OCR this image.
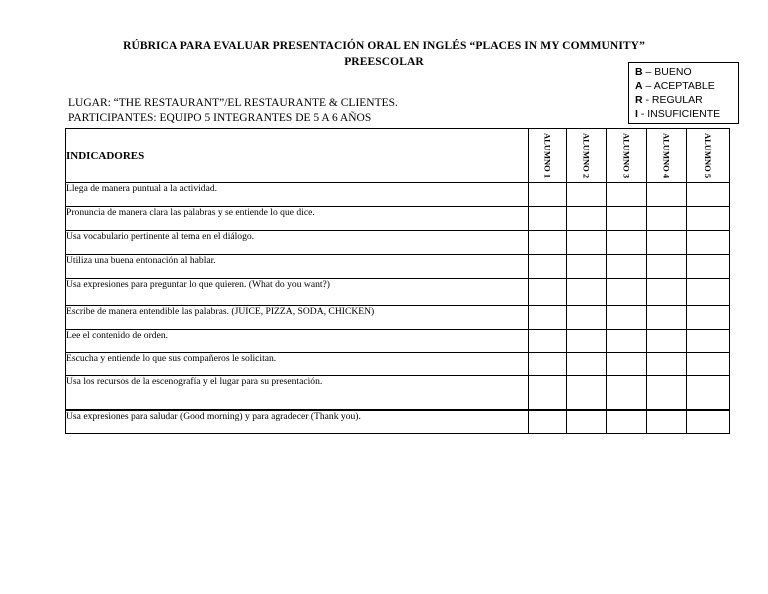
RÚBRICA PARA EVALUAR PRESENTACIÓN ORAL EN INGLÉS “PLACES IN MY COMMUNITY”
PREESCOLAR
B – BUENO
A – ACEPTABLE
R - REGULAR
I - INSUFICIENTE
LUGAR: “THE RESTAURANT”/EL RESTAURANTE & CLIENTES.
PARTICIPANTES: EQUIPO 5 INTEGRANTES DE 5 A 6 AÑOS
INDICADORES	ALUMNO 1	ALUMNO 2	ALUMNO 3	ALUMNO 4	ALUMNO 5

Llega de manera puntual a la actividad.					
Pronuncia de manera clara las palabras y se entiende lo que dice.					
Usa vocabulario pertinente al tema en el diálogo.					
Utiliza una buena entonación al hablar.					
Usa expresiones para preguntar lo que quieren. (What do you want?)					
Escribe de manera entendible las palabras. (JUICE, PIZZA, SODA, CHICKEN)					
Lee el contenido de orden.					
Escucha y entiende lo que sus compañeros le solicitan.					
Usa los recursos de la escenografía y el lugar para su presentación.					
Usa expresiones para saludar (Good morning) y para agradecer (Thank you).					
